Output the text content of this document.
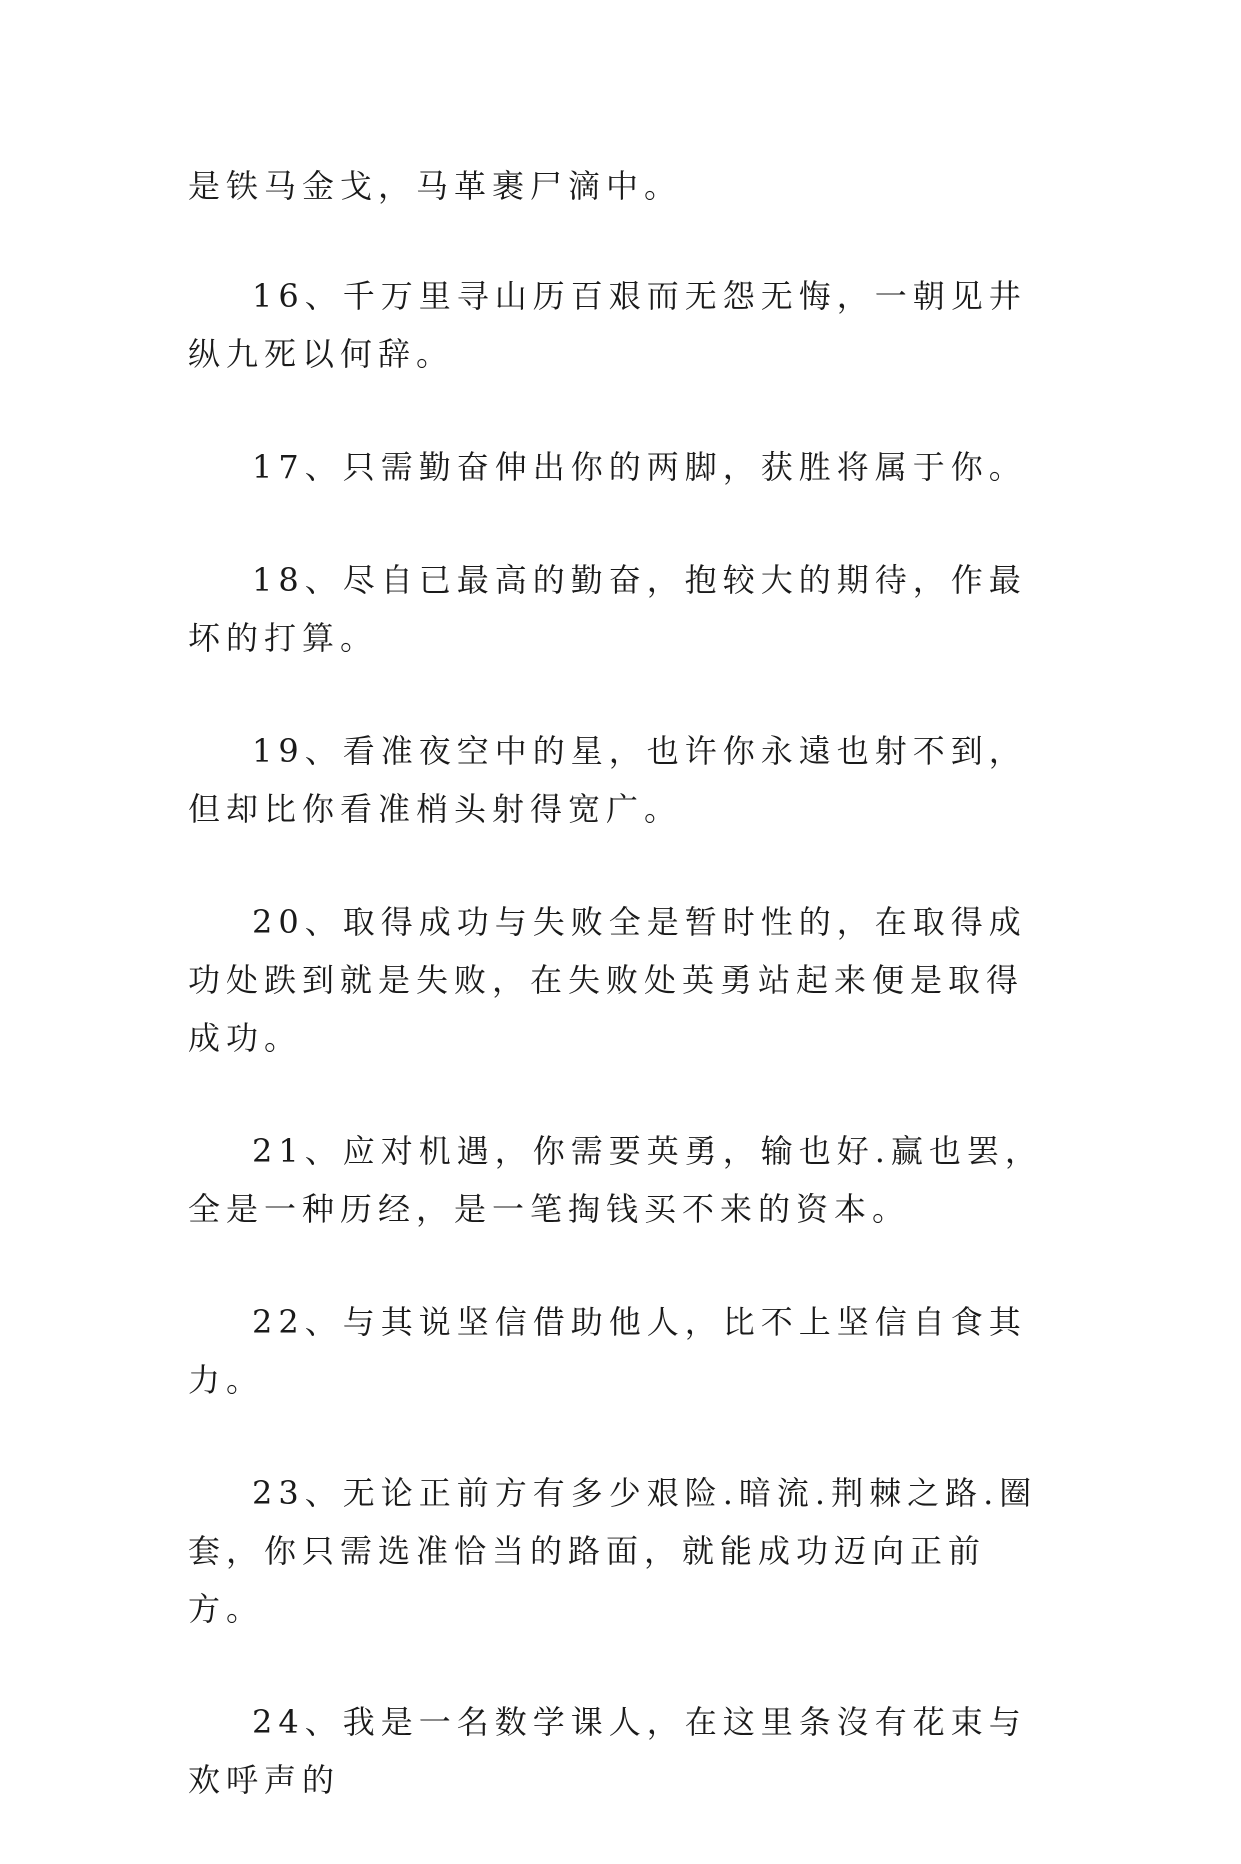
是铁马金戈，马革裹尸滴中。

16、千万里寻山历百艰而无怨无悔，一朝见井纵九死以何辞。

17、只需勤奋伸出你的两脚，获胜将属于你。

18、尽自已最高的勤奋，抱较大的期待，作最坏的打算。

19、看准夜空中的星，也许你永遠也射不到，但却比你看准梢头射得宽广。

20、取得成功与失败全是暂时性的，在取得成功处跌到就是失败，在失败处英勇站起来便是取得成功。

21、应对机遇，你需要英勇，输也好.赢也罢，全是一种历经，是一笔掏钱买不来的资本。

22、与其说坚信借助他人，比不上坚信自食其力。

23、无论正前方有多少艰险.暗流.荆棘之路.圈套，你只需选准恰当的路面，就能成功迈向正前方。

24、我是一名数学课人，在这里条沒有花束与欢呼声的
